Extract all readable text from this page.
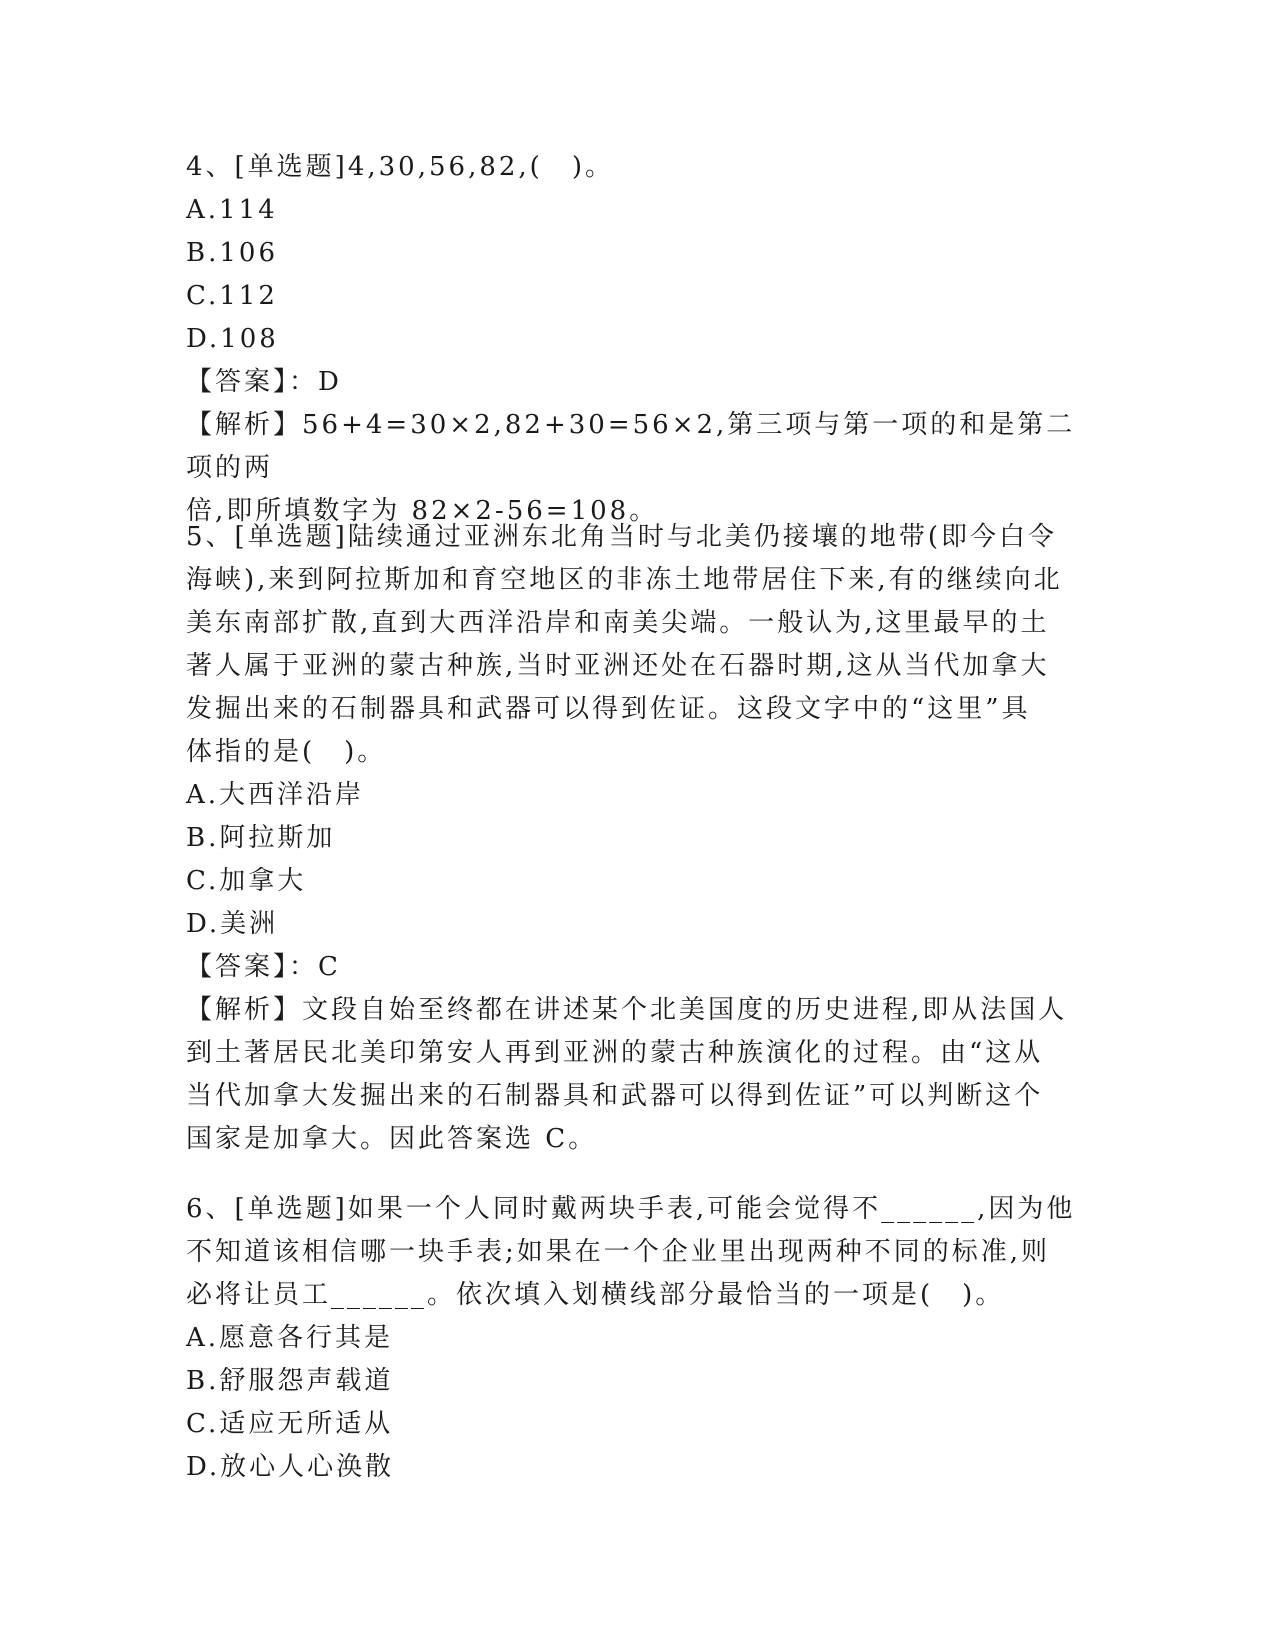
4、[单选题]4,30,56,82,(　)。

A.114

B.106

C.112

D.108

【答案】：D

【解析】56+4=30×2,82+30=56×2,第三项与第一项的和是第二项的两

倍,即所填数字为 82×2-56=108。

5、[单选题]陆续通过亚洲东北角当时与北美仍接壤的地带(即今白令

海峡),来到阿拉斯加和育空地区的非冻土地带居住下来,有的继续向北

美东南部扩散,直到大西洋沿岸和南美尖端。一般认为,这里最早的土

著人属于亚洲的蒙古种族,当时亚洲还处在石器时期,这从当代加拿大

发掘出来的石制器具和武器可以得到佐证。这段文字中的“这里”具

体指的是(　)。

A.大西洋沿岸

B.阿拉斯加

C.加拿大

D.美洲

【答案】：C

【解析】文段自始至终都在讲述某个北美国度的历史进程,即从法国人

到土著居民北美印第安人再到亚洲的蒙古种族演化的过程。由“这从

当代加拿大发掘出来的石制器具和武器可以得到佐证”可以判断这个

国家是加拿大。因此答案选 C。

6、[单选题]如果一个人同时戴两块手表,可能会觉得不______,因为他

不知道该相信哪一块手表;如果在一个企业里出现两种不同的标准,则

必将让员工______。依次填入划横线部分最恰当的一项是(　)。

A.愿意各行其是

B.舒服怨声载道

C.适应无所适从

D.放心人心涣散
